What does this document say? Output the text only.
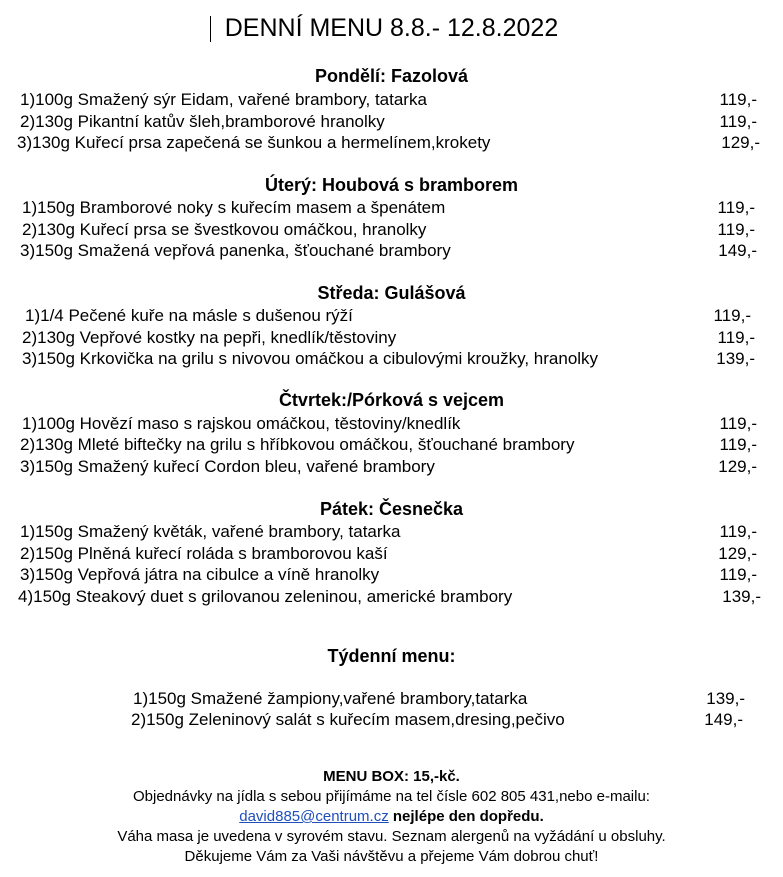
DENNÍ MENU 8.8.- 12.8.2022
Pondělí: Fazolová
1)100g Smažený sýr Eidam, vařené brambory, tatarka	119,-
2)130g Pikantní katův šleh,bramborové hranolky	119,-
3)130g Kuřecí prsa zapečená se šunkou a hermelínem,krokety	129,-
Úterý: Houbová s bramborem
1)150g Bramborové noky s kuřecím masem a špenátem	119,-
2)130g Kuřecí prsa se švestkovou omáčkou, hranolky	119,-
3)150g Smažená vepřová panenka, šťouchané brambory	149,-
Středa: Gulášová
1)1/4 Pečené kuře na másle s dušenou rýží	119,-
2)130g Vepřové kostky na pepři, knedlík/těstoviny	119,-
3)150g Krkovička na grilu s nivovou omáčkou a cibulovými kroužky, hranolky	139,-
Čtvrtek:/Pórková s vejcem
1)100g Hovězí maso s rajskou omáčkou, těstoviny/knedlík	119,-
2)130g Mleté biftečky na grilu s hříbkovou omáčkou, šťouchané brambory	119,-
3)150g Smažený kuřecí Cordon bleu, vařené brambory	129,-
Pátek: Česnečka
1)150g Smažený květák, vařené brambory, tatarka	119,-
2)150g Plněná kuřecí roláda s bramborovou kaší	129,-
3)150g Vepřová játra na cibulce a víně hranolky	119,-
4)150g Steakový duet s grilovanou zeleninou, americké brambory	139,-
Týdenní menu:
1)150g Smažené žampiony,vařené brambory,tatarka	139,-
2)150g Zeleninový salát s kuřecím masem,dresing,pečivo	149,-
MENU BOX: 15,-kč.
Objednávky na jídla s sebou přijímáme na tel čísle 602 805 431,nebo e-mailu:
david885@centrum.cz nejlépe den dopředu.
Váha masa je uvedena v syrovém stavu. Seznam alergenů na vyžádání u obsluhy.
Děkujeme Vám za Vaši návštěvu a přejeme Vám dobrou chuť!
